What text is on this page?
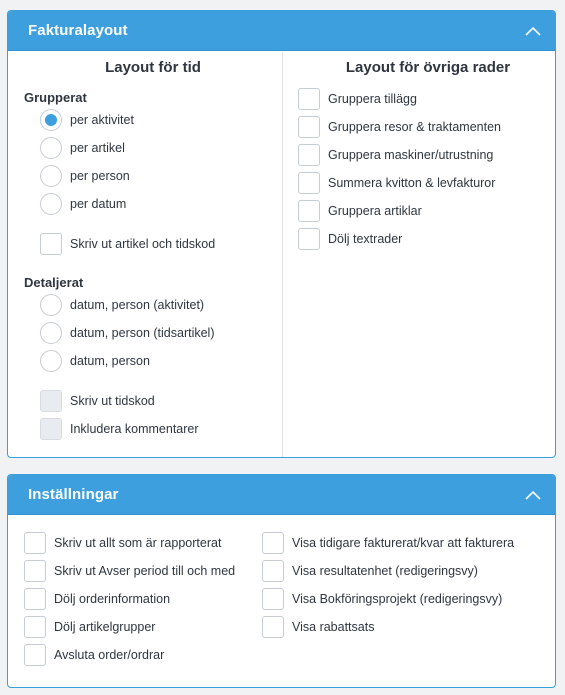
Fakturalayout
Layout för tid
Grupperat
per aktivitet
per artikel
per person
per datum
Skriv ut artikel och tidskod
Detaljerat
datum, person (aktivitet)
datum, person (tidsartikel)
datum, person
Skriv ut tidskod
Inkludera kommentarer
Layout för övriga rader
Gruppera tillägg
Gruppera resor & traktamenten
Gruppera maskiner/utrustning
Summera kvitton & levfakturor
Gruppera artiklar
Dölj textrader
Inställningar
Skriv ut allt som är rapporterat
Skriv ut Avser period till och med
Dölj orderinformation
Dölj artikelgrupper
Avsluta order/ordrar
Visa tidigare fakturerat/kvar att fakturera
Visa resultatenhet (redigeringsvy)
Visa Bokföringsprojekt (redigeringsvy)
Visa rabattsats
